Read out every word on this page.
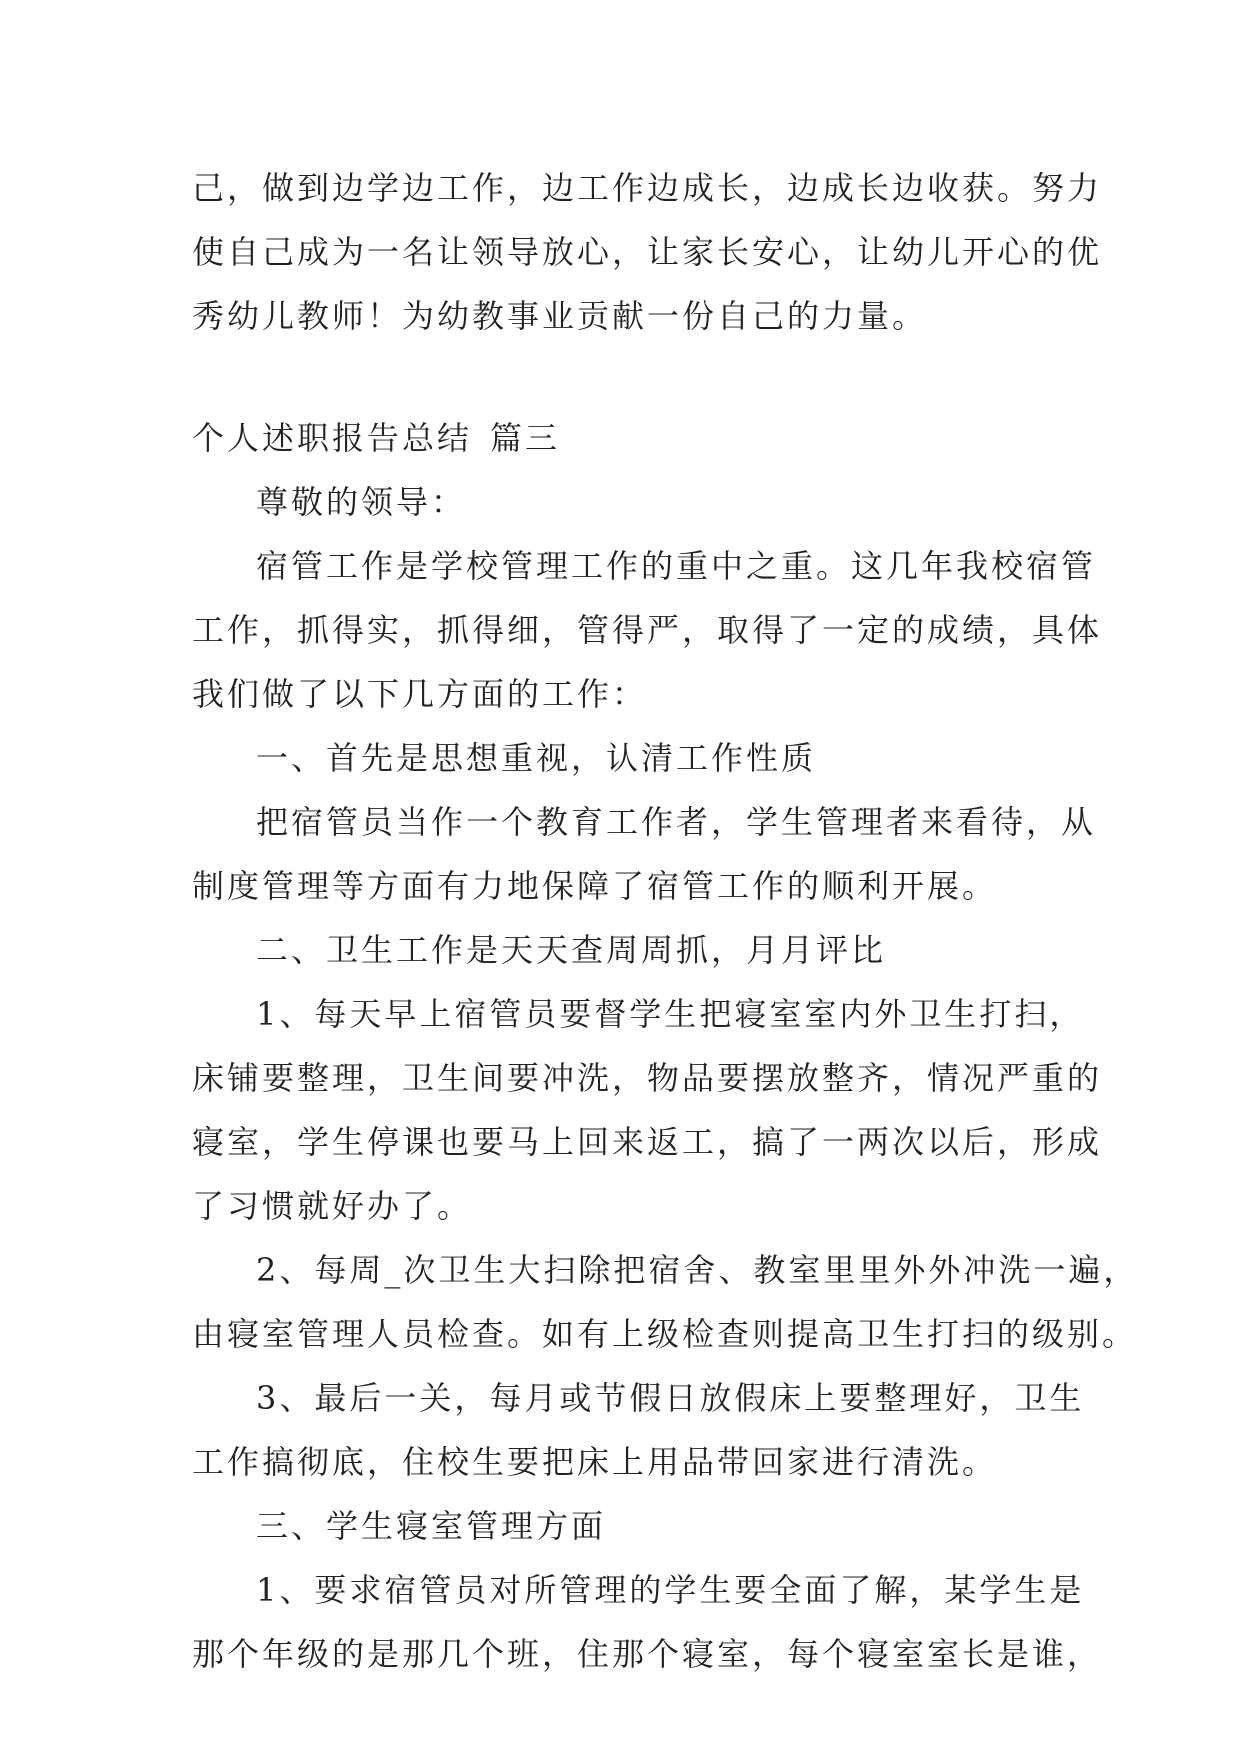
己，做到边学边工作，边工作边成长，边成长边收获。努力
使自己成为一名让领导放心，让家长安心，让幼儿开心的优
秀幼儿教师！为幼教事业贡献一份自己的力量。
个人述职报告总结 篇三
尊敬的领导：
宿管工作是学校管理工作的重中之重。这几年我校宿管
工作，抓得实，抓得细，管得严，取得了一定的成绩，具体
我们做了以下几方面的工作：
一、首先是思想重视，认清工作性质
把宿管员当作一个教育工作者，学生管理者来看待，从
制度管理等方面有力地保障了宿管工作的顺利开展。
二、卫生工作是天天查周周抓，月月评比
1、每天早上宿管员要督学生把寝室室内外卫生打扫，
床铺要整理，卫生间要冲洗，物品要摆放整齐，情况严重的
寝室，学生停课也要马上回来返工，搞了一两次以后，形成
了习惯就好办了。
2、每周_次卫生大扫除把宿舍、教室里里外外冲洗一遍，
由寝室管理人员检查。如有上级检查则提高卫生打扫的级别。
3、最后一关，每月或节假日放假床上要整理好，卫生
工作搞彻底，住校生要把床上用品带回家进行清洗。
三、学生寝室管理方面
1、要求宿管员对所管理的学生要全面了解，某学生是
那个年级的是那几个班，住那个寝室，每个寝室室长是谁，
